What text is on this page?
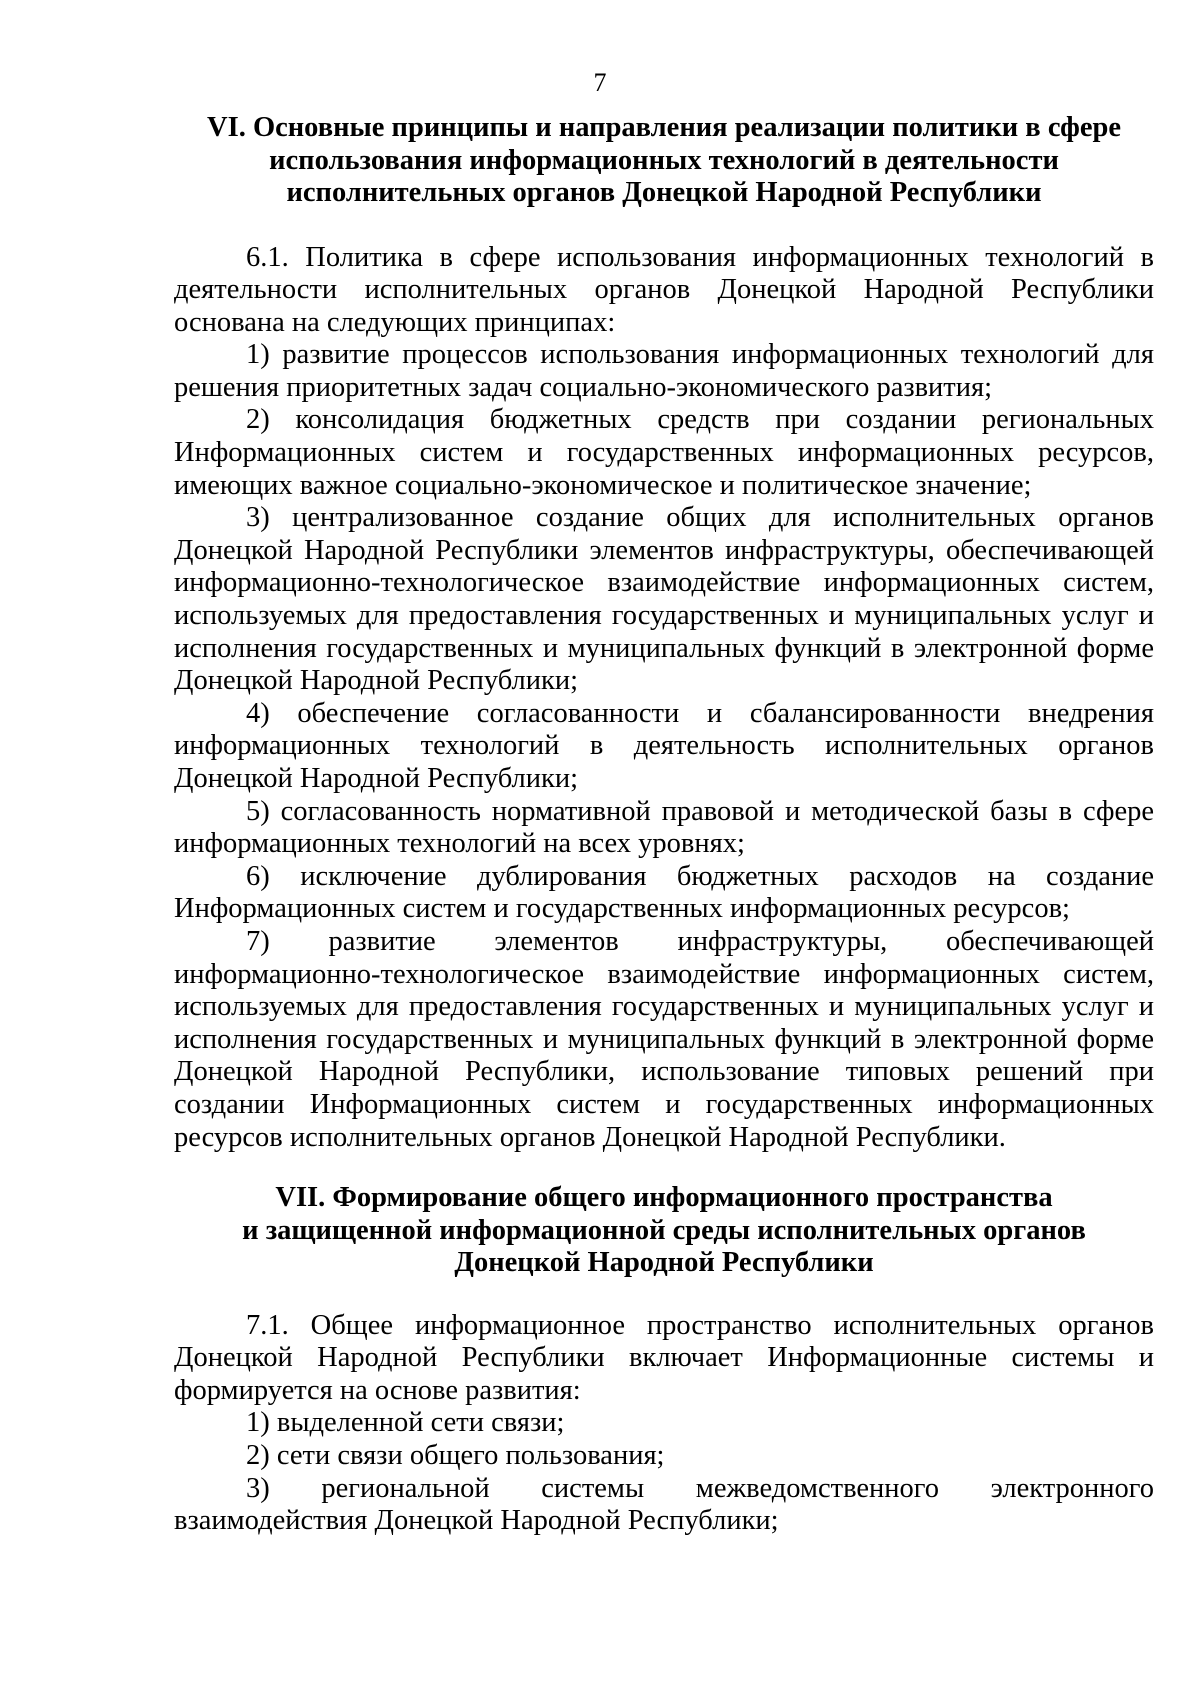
7
VI. Основные принципы и направления реализации политики в сфере
использования информационных технологий в деятельности
исполнительных органов Донецкой Народной Республики

6.1. Политика в сфере использования информационных технологий в деятельности исполнительных органов Донецкой Народной Республики основана на следующих принципах:

1) развитие процессов использования информационных технологий для решения приоритетных задач социально-экономического развития;

2) консолидация бюджетных средств при создании региональных Информационных систем и государственных информационных ресурсов, имеющих важное социально-экономическое и политическое значение;

3) централизованное создание общих для исполнительных органов Донецкой Народной Республики элементов инфраструктуры, обеспечивающей информационно-технологическое взаимодействие информационных систем, используемых для предоставления государственных и муниципальных услуг и исполнения государственных и муниципальных функций в электронной форме Донецкой Народной Республики;

4) обеспечение согласованности и сбалансированности внедрения информационных технологий в деятельность исполнительных органов Донецкой Народной Республики;

5) согласованность нормативной правовой и методической базы в сфере информационных технологий на всех уровнях;

6) исключение дублирования бюджетных расходов на создание Информационных систем и государственных информационных ресурсов;

7) развитие элементов инфраструктуры, обеспечивающей информационно-технологическое взаимодействие информационных систем, используемых для предоставления государственных и муниципальных услуг и исполнения государственных и муниципальных функций в электронной форме Донецкой Народной Республики, использование типовых решений при создании Информационных систем и государственных информационных ресурсов исполнительных органов Донецкой Народной Республики.

VII. Формирование общего информационного пространства
и защищенной информационной среды исполнительных органов
Донецкой Народной Республики

7.1. Общее информационное пространство исполнительных органов Донецкой Народной Республики включает Информационные системы и формируется на основе развития:

1) выделенной сети связи;

2) сети связи общего пользования;

3) региональной системы межведомственного электронного взаимодействия Донецкой Народной Республики;
